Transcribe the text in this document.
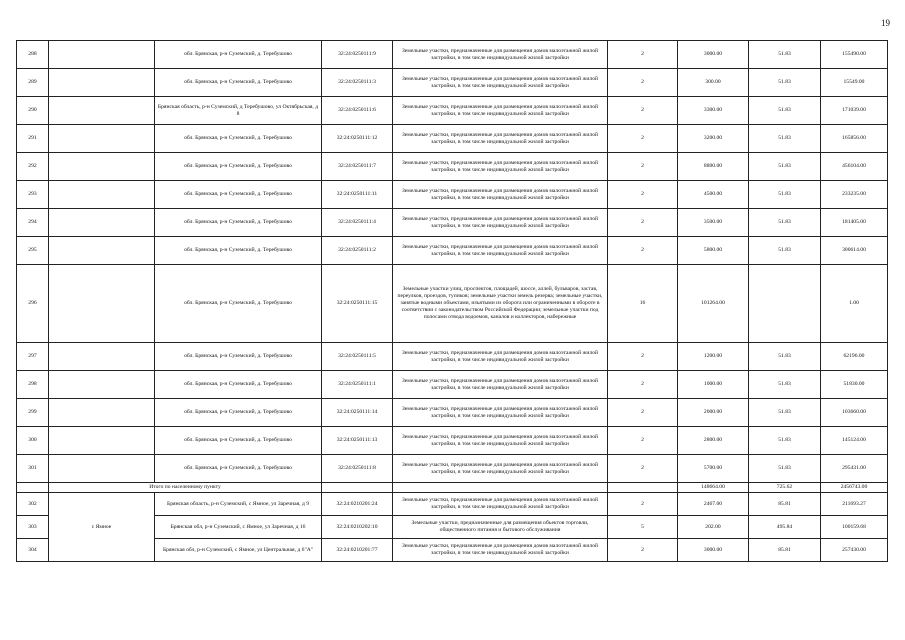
19
288		обл. Брянская, р-н Суземский, д. Теребушово	32:24:0250111:9	Земельные участки, предназначенные для размещения домов малоэтажной жилой застройки, в том числе индивидуальной жилой застройки	2	3000.00	51.83	155490.00
289		обл. Брянская, р-н Суземский, д. Теребушово	32:24:0250111:3	Земельные участки, предназначенные для размещения домов малоэтажной жилой застройки, в том числе индивидуальной жилой застройки	2	300.00	51.83	15549.00
290		Брянская область, р-н Суземский, д Теребушово, ул Октябрьская, д 8	32:24:0250111:6	Земельные участки, предназначенные для размещения домов малоэтажной жилой застройки, в том числе индивидуальной жилой застройки	2	3300.00	51.83	171039.00
291		обл. Брянская, р-н Суземский, д. Теребушово	32:24:0250111:12	Земельные участки, предназначенные для размещения домов малоэтажной жилой застройки, в том числе индивидуальной жилой застройки	2	3200.00	51.83	165856.00
292		обл. Брянская, р-н Суземский, д. Теребушово	32:24:0250111:7	Земельные участки, предназначенные для размещения домов малоэтажной жилой застройки, в том числе индивидуальной жилой застройки	2	8800.00	51.83	456104.00
293		обл. Брянская, р-н Суземский, д. Теребушово	32:24:0250111:11	Земельные участки, предназначенные для размещения домов малоэтажной жилой застройки, в том числе индивидуальной жилой застройки	2	4500.00	51.83	233235.00
294		обл. Брянская, р-н Суземский, д. Теребушово	32:24:0250111:4	Земельные участки, предназначенные для размещения домов малоэтажной жилой застройки, в том числе индивидуальной жилой застройки	2	3500.00	51.83	181405.00
295		обл. Брянская, р-н Суземский, д. Теребушово	32:24:0250111:2	Земельные участки, предназначенные для размещения домов малоэтажной жилой застройки, в том числе индивидуальной жилой застройки	2	5800.00	51.83	300614.00
296		обл. Брянская, р-н Суземский, д. Теребушово	32:24:0250111:15	Земельные участки улиц, проспектов, площадей, шоссе, аллей, бульваров, застав, переулков, проездов, тупиков; земельные участки земель резерва; земельные участки, занятые водными объектами, изъятыми из оборота или ограниченными в обороте в соответствии с законодательством Российской Федерации; земельные участки под полосами отвода водоемов, каналов и коллекторов, набережные	16	101264.00		1.00
297		обл. Брянская, р-н Суземский, д. Теребушово	32:24:0250111:5	Земельные участки, предназначенные для размещения домов малоэтажной жилой застройки, в том числе индивидуальной жилой застройки	2	1200.00	51.83	62196.00
298		обл. Брянская, р-н Суземский, д. Теребушово	32:24:0250111:1	Земельные участки, предназначенные для размещения домов малоэтажной жилой застройки, в том числе индивидуальной жилой застройки	2	1000.00	51.83	51830.00
299		обл. Брянская, р-н Суземский, д. Теребушово	32:24:0250111:14	Земельные участки, предназначенные для размещения домов малоэтажной жилой застройки, в том числе индивидуальной жилой застройки	2	2000.00	51.83	103660.00
300		обл. Брянская, р-н Суземский, д. Теребушово	32:24:0250111:13	Земельные участки, предназначенные для размещения домов малоэтажной жилой застройки, в том числе индивидуальной жилой застройки	2	2800.00	51.83	145124.00
301		обл. Брянская, р-н Суземский, д. Теребушово	32:24:0250111:8	Земельные участки, предназначенные для размещения домов малоэтажной жилой застройки, в том числе индивидуальной жилой застройки	2	5700.00	51.83	295431.00
	Итого по населенному пункту					148664.00	725.62	2456743.00
302	с Ямное	Брянская область, р-н Суземский, с Ямное, ул Заречная, д 9	32:24:0210201:24	Земельные участки, предназначенные для размещения домов малоэтажной жилой застройки, в том числе индивидуальной жилой застройки	2	2467.00	85.81	211693.27
303		Брянская обл, р-н Суземский, с Ямное, ул Заречная, д 16	32:24:0210202:10	Земельные участки, предназначенные для размещения объектов торговли, общественного питания и бытового обслуживания	5	202.00	495.84	100159.68
304		Брянская обл, р-н Суземский, с Ямное, ул Центральная, д 6"А"	32:24:0210201:77	Земельные участки, предназначенные для размещения домов малоэтажной жилой застройки, в том числе индивидуальной жилой застройки	2	3000.00	85.81	257430.00
